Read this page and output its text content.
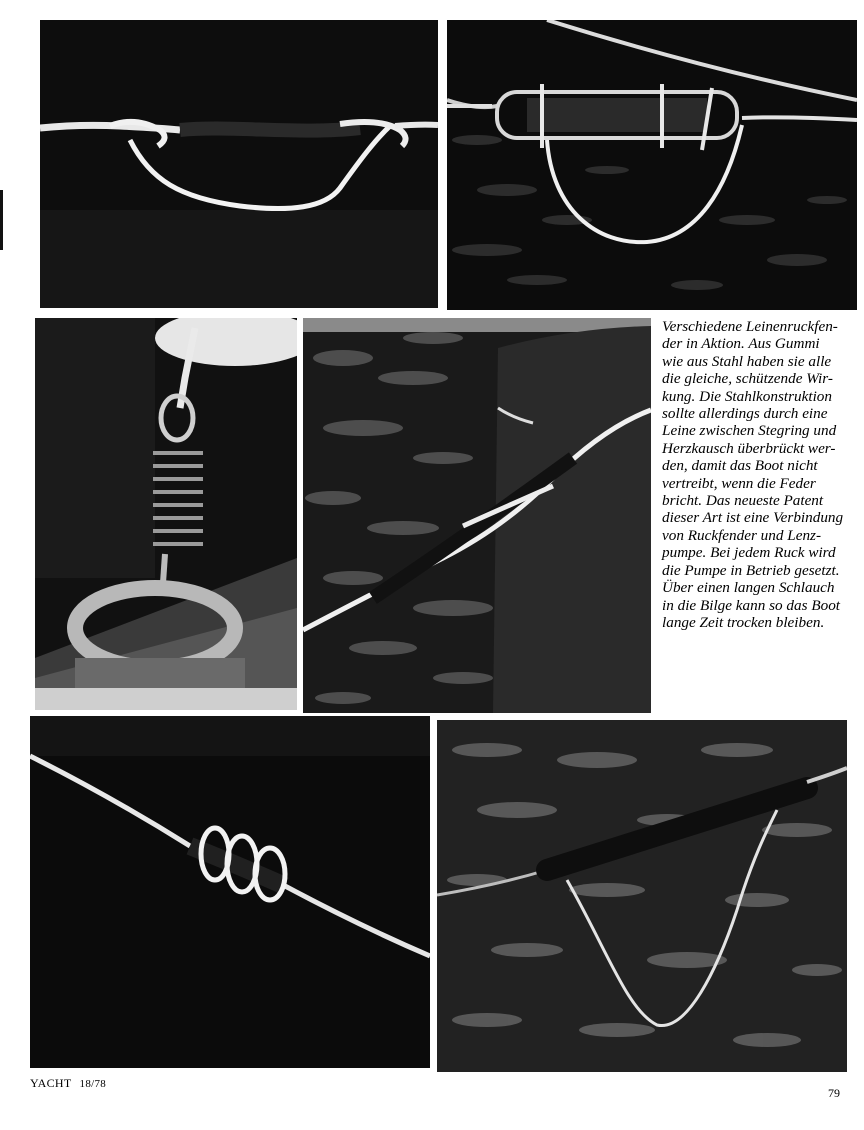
Verschiedene Leinenruckfen-
der in Aktion. Aus Gummi
wie aus Stahl haben sie alle
die gleiche, schützende Wir-
kung. Die Stahlkonstruktion
sollte allerdings durch eine
Leine zwischen Stegring und
Herzkausch überbrückt wer-
den, damit das Boot nicht
vertreibt, wenn die Feder
bricht. Das neueste Patent
dieser Art ist eine Verbindung
von Ruckfender und Lenz-
pumpe. Bei jedem Ruck wird
die Pumpe in Betrieb gesetzt.
Über einen langen Schlauch
in die Bilge kann so das Boot
lange Zeit trocken bleiben.

YACHT 18/78

79
